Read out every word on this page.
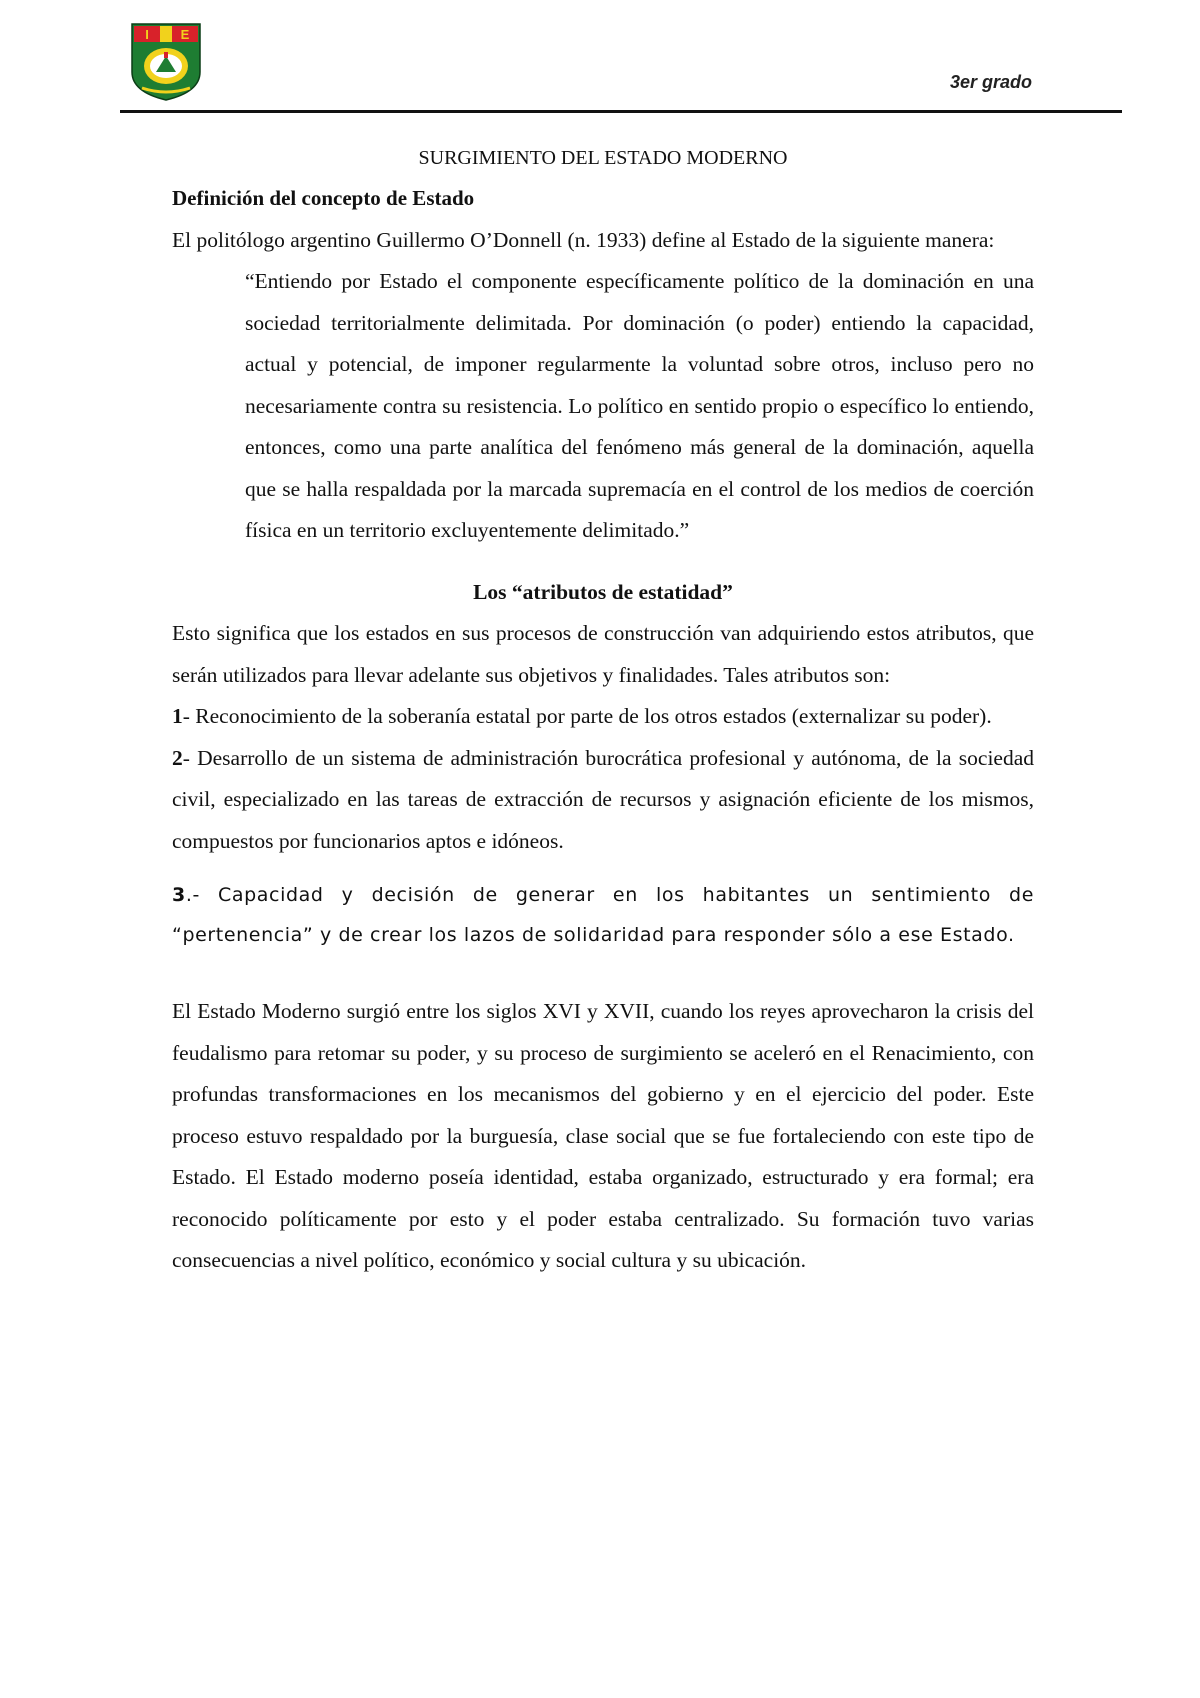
I E
3er grado

SURGIMIENTO DEL ESTADO MODERNO

Definición del concepto de Estado

El politólogo argentino Guillermo O’Donnell (n. 1933) define al Estado de la siguiente manera:

“Entiendo por Estado el componente específicamente político de la dominación en una sociedad territorialmente delimitada. Por dominación (o poder) entiendo la capacidad, actual y potencial, de imponer regularmente la voluntad sobre otros, incluso pero no necesariamente contra su resistencia. Lo político en sentido propio o específico lo entiendo, entonces, como una parte analítica del fenómeno más general de la dominación, aquella que se halla respaldada por la marcada supremacía en el control de los medios de coerción física en un territorio excluyentemente delimitado.”

Los “atributos de estatidad”

Esto significa que los estados en sus procesos de construcción van adquiriendo estos atributos, que serán utilizados para llevar adelante sus objetivos y finalidades. Tales atributos son:

1- Reconocimiento de la soberanía estatal por parte de los otros estados (externalizar su poder).

2- Desarrollo de un sistema de administración burocrática profesional y autónoma, de la sociedad civil, especializado en las tareas de extracción de recursos y asignación eficiente de los mismos, compuestos por funcionarios aptos e idóneos.

3.- Capacidad y decisión de generar en los habitantes un sentimiento de “pertenencia” y de crear los lazos de solidaridad para responder sólo a ese Estado.

El Estado Moderno surgió entre los siglos XVI y XVII, cuando los reyes aprovecharon la crisis del feudalismo para retomar su poder, y su proceso de surgimiento se aceleró en el Renacimiento, con profundas transformaciones en los mecanismos del gobierno y en el ejercicio del poder. Este proceso estuvo respaldado por la burguesía, clase social que se fue fortaleciendo con este tipo de Estado. El Estado moderno poseía identidad, estaba organizado, estructurado y era formal; era reconocido políticamente por esto y el poder estaba centralizado. Su formación tuvo varias consecuencias a nivel político, económico y social cultura y su ubicación.
